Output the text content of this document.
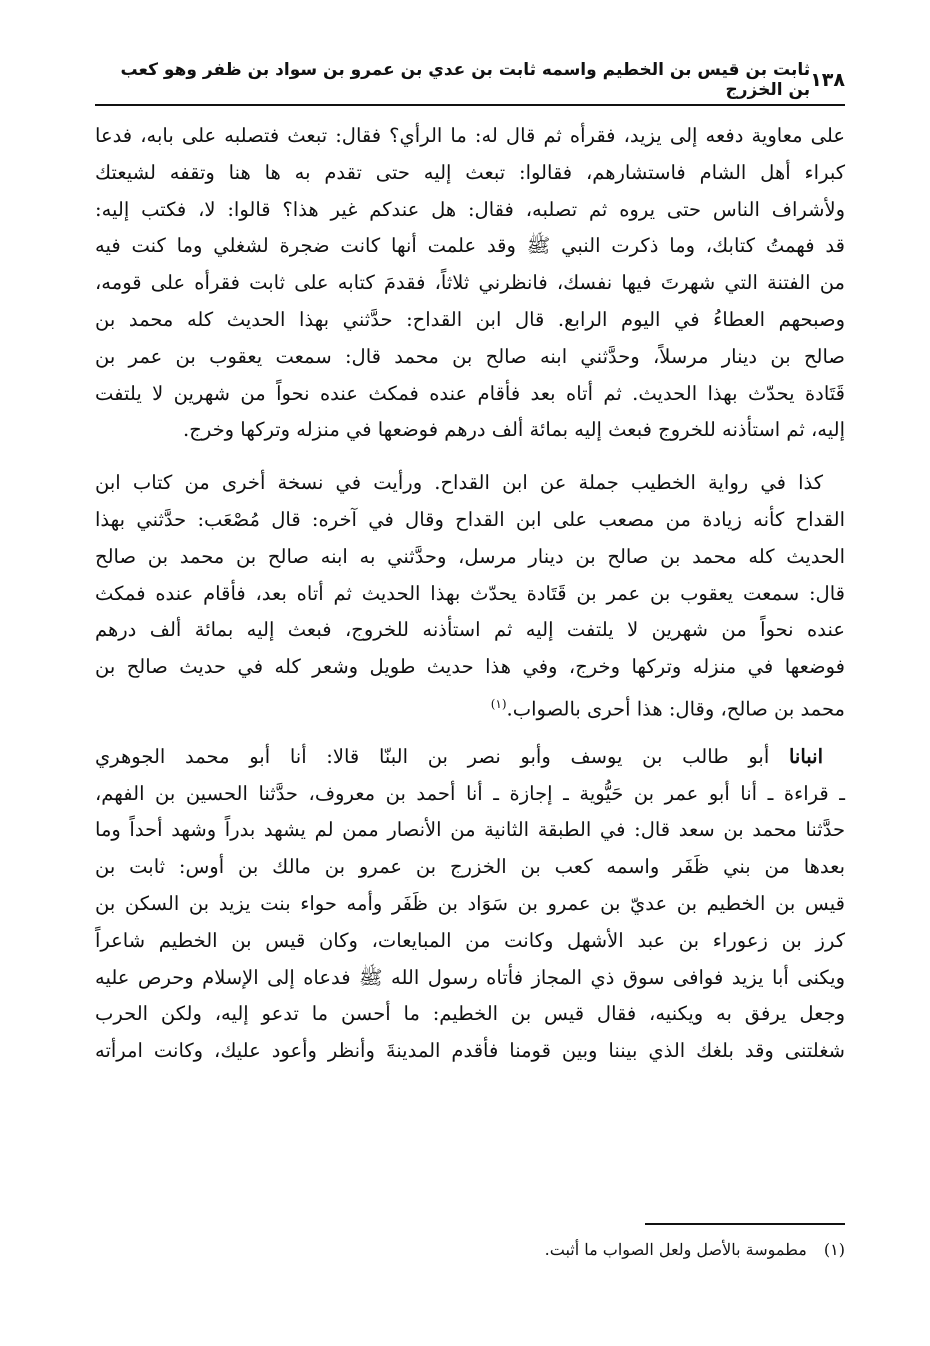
١٣٨
ثابت بن قيس بن الخطيم واسمه ثابت بن عدي بن عمرو بن سواد بن ظفر وهو كعب بن الخزرج
على معاوية دفعه إلى يزيد، فقرأه ثم قال له: ما الرأي؟ فقال: تبعث فتصلبه على بابه، فدعا
كبراء أهل الشام فاستشارهم، فقالوا: تبعث إليه حتى تقدم به ها هنا وتقفه لشيعتك
ولأشراف الناس حتى يروه ثم تصلبه، فقال: هل عندكم غير هذا؟ قالوا: لا، فكتب إليه:
قد فهمتُ كتابك، وما ذكرت النبي ﷺ وقد علمت أنها كانت ضجرة لشغلي وما كنت فيه
من الفتنة التي شهرتَ فيها نفسك، فانظرني ثلاثاً، فقدمَ كتابه على ثابت فقرأه على قومه،
وصبحهم العطاءُ في اليوم الرابع. قال ابن القداح: حدَّثني بهذا الحديث كله محمد بن
صالح بن دينار مرسلاً، وحدَّثني ابنه صالح بن محمد قال: سمعت يعقوب بن عمر بن
قَتَادة يحدّث بهذا الحديث. ثم أتاه بعد فأقام عنده فمكث عنده نحواً من شهرين لا يلتفت
إليه، ثم استأذنه للخروج فبعث إليه بمائة ألف درهم فوضعها في منزله وتركها وخرج.
كذا في رواية الخطيب جملة عن ابن القداح. ورأيت في نسخة أخرى من كتاب ابن
القداح كأنه زيادة من مصعب على ابن القداح وقال في آخره: قال مُصْعَب: حدَّثني بهذا
الحديث كله محمد بن صالح بن دينار مرسل، وحدَّثني به ابنه صالح بن محمد بن صالح
قال: سمعت يعقوب بن عمر بن قَتَادة يحدّث بهذا الحديث ثم أتاه بعد، فأقام عنده فمكث
عنده نحواً من شهرين لا يلتفت إليه ثم استأذنه للخروج، فبعث إليه بمائة ألف درهم
فوضعها في منزله وتركها وخرج، وفي هذا حديث طويل وشعر كله في حديث صالح بن
محمد بن صالح، وقال: هذا أحرى بالصواب.$^{(١)}$
انبانا أبو طالب بن يوسف وأبو نصر بن البنّا قالا: أنا أبو محمد الجوهري
ـ قراءة ـ أنا أبو عمر بن حَيُّوية ـ إجازة ـ أنا أحمد بن معروف، حدَّثنا الحسين بن الفهم،
حدَّثنا محمد بن سعد قال: في الطبقة الثانية من الأنصار ممن لم يشهد بدراً وشهد أحداً وما
بعدها من بني ظَفَر واسمه كعب بن الخزرج بن عمرو بن مالك بن أوس: ثابت بن
قيس بن الخطيم بن عديّ بن عمرو بن سَوَاد بن ظَفَر وأمه حواء بنت يزيد بن السكن بن
كرز بن زعوراء بن عبد الأشهل وكانت من المبايعات، وكان قيس بن الخطيم شاعراً
ويكنى أبا يزيد فوافى سوق ذي المجاز فأتاه رسول الله ﷺ فدعاه إلى الإسلام وحرص عليه
وجعل يرفق به ويكنيه، فقال قيس بن الخطيم: ما أحسن ما تدعو إليه، ولكن الحرب
شغلتنى وقد بلغك الذي بيننا وبين قومنا فأقدم المدينةَ وأنظر وأعود عليك، وكانت امرأته
(١) مطموسة بالأصل ولعل الصواب ما أثبت.
